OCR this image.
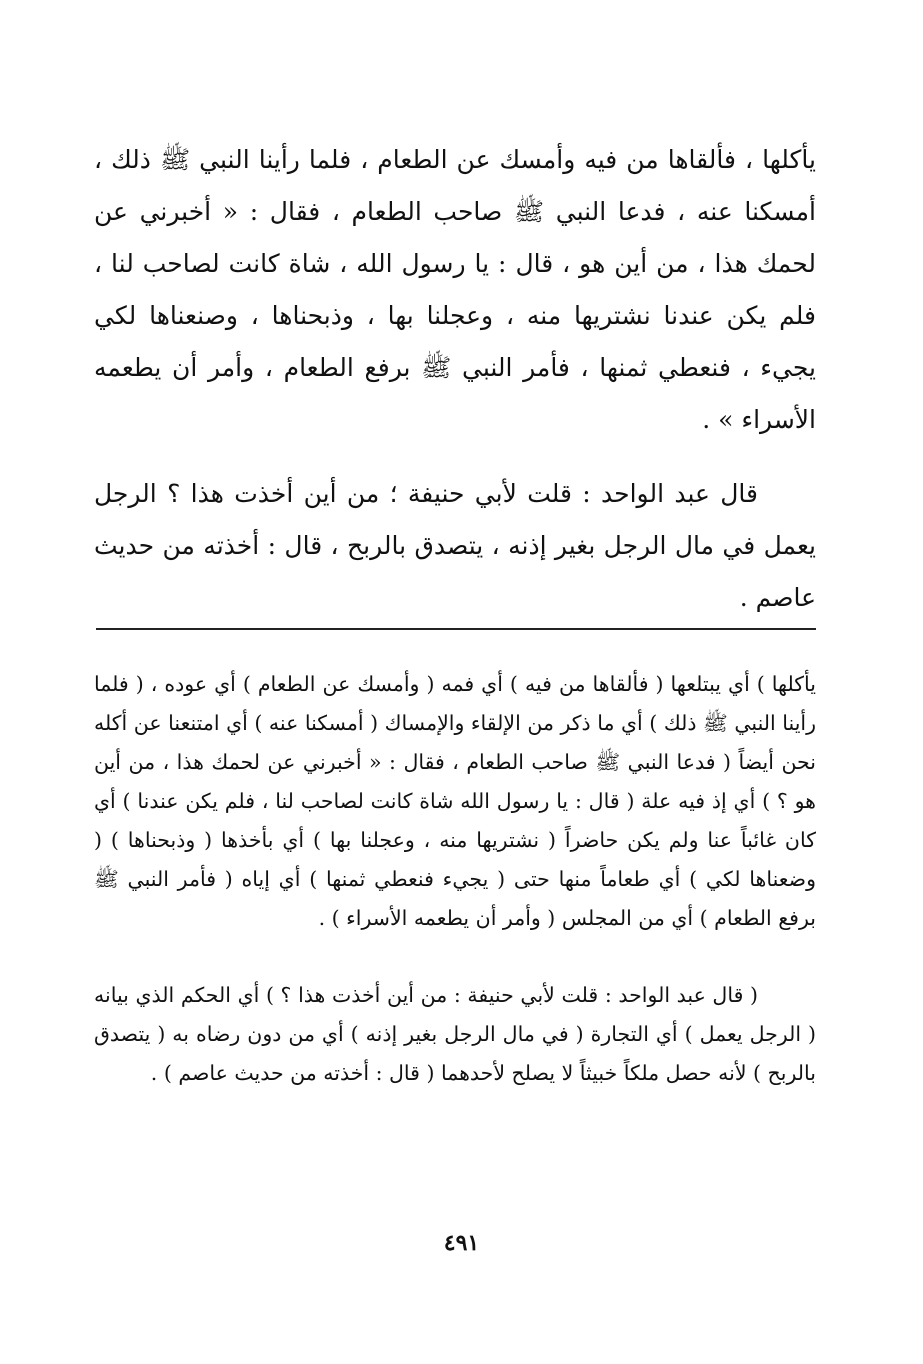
يأكلها ، فألقاها من فيه وأمسك عن الطعام ، فلما رأينا النبي ﷺ ذلك ، أمسكنا عنه ، فدعا النبي ﷺ صاحب الطعام ، فقال : « أخبرني عن لحمك هذا ، من أين هو ، قال : يا رسول الله ، شاة كانت لصاحب لنا ، فلم يكن عندنا نشتريها منه ، وعجلنا بها ، وذبحناها ، وصنعناها لكي يجيء ، فنعطي ثمنها ، فأمر النبي ﷺ برفع الطعام ، وأمر أن يطعمه الأسراء » .

قال عبد الواحد : قلت لأبي حنيفة ؛ من أين أخذت هذا ؟ الرجل يعمل في مال الرجل بغير إذنه ، يتصدق بالربح ، قال : أخذته من حديث عاصم .

يأكلها ) أي يبتلعها ( فألقاها من فيه ) أي فمه ( وأمسك عن الطعام ) أي عوده ، ( فلما رأينا النبي ﷺ ذلك ) أي ما ذكر من الإلقاء والإمساك ( أمسكنا عنه ) أي امتنعنا عن أكله نحن أيضاً ( فدعا النبي ﷺ صاحب الطعام ، فقال : « أخبرني عن لحمك هذا ، من أين هو ؟ ) أي إذ فيه علة ( قال : يا رسول الله شاة كانت لصاحب لنا ، فلم يكن عندنا ) أي كان غائباً عنا ولم يكن حاضراً ( نشتريها منه ، وعجلنا بها ) أي بأخذها ( وذبحناها ) ( وضعناها لكي ) أي طعاماً منها حتى ( يجيء فنعطي ثمنها ) أي إياه ( فأمر النبي ﷺ برفع الطعام ) أي من المجلس ( وأمر أن يطعمه الأسراء ) .

( قال عبد الواحد : قلت لأبي حنيفة : من أين أخذت هذا ؟ ) أي الحكم الذي بيانه ( الرجل يعمل ) أي التجارة ( في مال الرجل بغير إذنه ) أي من دون رضاه به ( يتصدق بالربح ) لأنه حصل ملكاً خبيثاً لا يصلح لأحدهما ( قال : أخذته من حديث عاصم ) .

٤٩١
